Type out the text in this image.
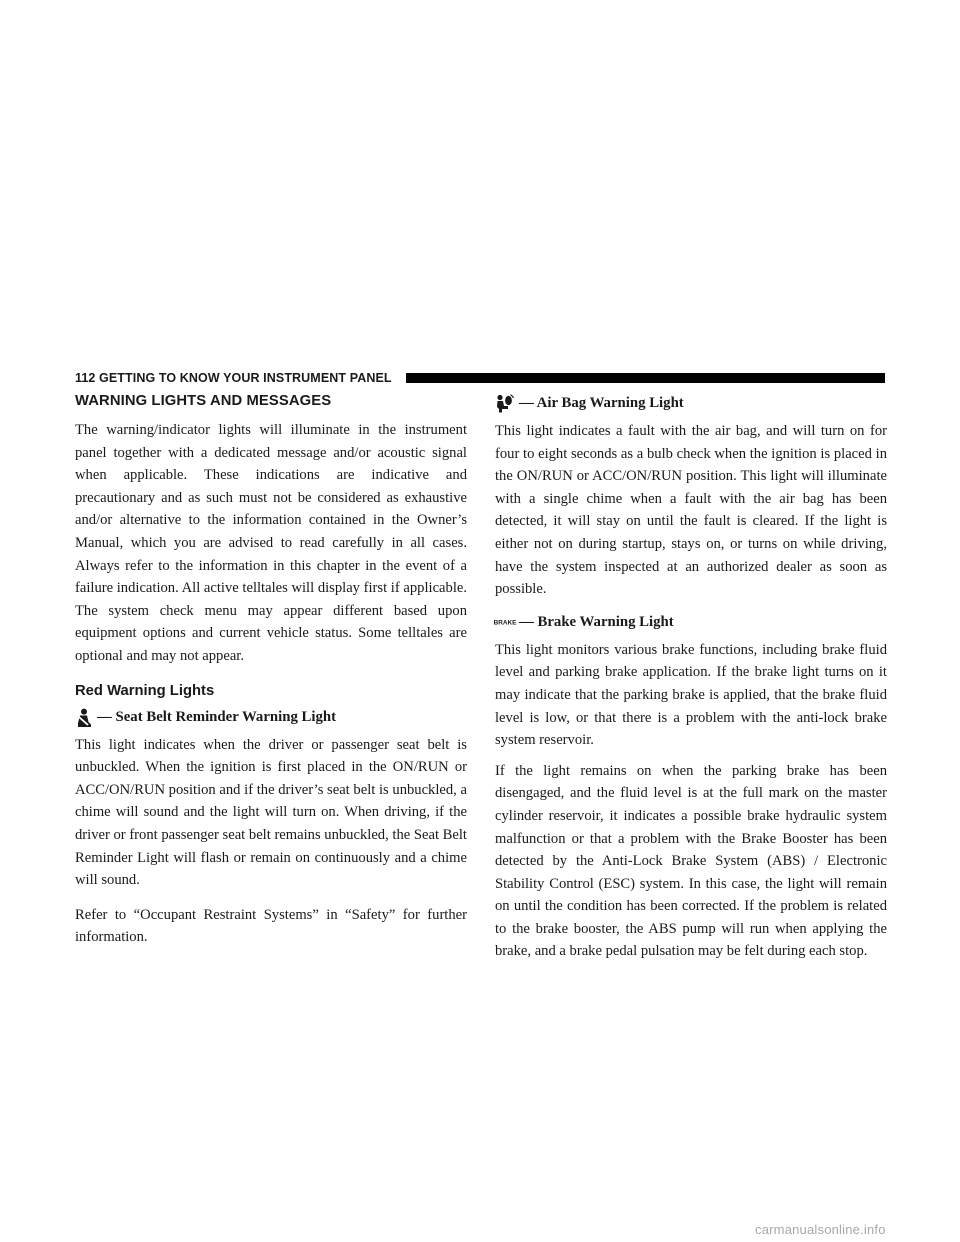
112 GETTING TO KNOW YOUR INSTRUMENT PANEL
WARNING LIGHTS AND MESSAGES

The warning/indicator lights will illuminate in the instrument panel together with a dedicated message and/or acoustic signal when applicable. These indications are indicative and precautionary and as such must not be considered as exhaustive and/or alternative to the information contained in the Owner’s Manual, which you are advised to read carefully in all cases. Always refer to the information in this chapter in the event of a failure indication. All active telltales will display first if applicable. The system check menu may appear different based upon equipment options and current vehicle status. Some telltales are optional and may not appear.

Red Warning Lights
— Seat Belt Reminder Warning Light

This light indicates when the driver or passenger seat belt is unbuckled. When the ignition is first placed in the ON/RUN or ACC/ON/RUN position and if the driver’s seat belt is unbuckled, a chime will sound and the light will turn on. When driving, if the driver or front passenger seat belt remains unbuckled, the Seat Belt Reminder Light will flash or remain on continuously and a chime will sound.

Refer to “Occupant Restraint Systems” in “Safety” for further information.

— Air Bag Warning Light

This light indicates a fault with the air bag, and will turn on for four to eight seconds as a bulb check when the ignition is placed in the ON/RUN or ACC/ON/RUN position. This light will illuminate with a single chime when a fault with the air bag has been detected, it will stay on until the fault is cleared. If the light is either not on during startup, stays on, or turns on while driving, have the system inspected at an authorized dealer as soon as possible.

BRAKE — Brake Warning Light

This light monitors various brake functions, including brake fluid level and parking brake application. If the brake light turns on it may indicate that the parking brake is applied, that the brake fluid level is low, or that there is a problem with the anti-lock brake system reservoir.

If the light remains on when the parking brake has been disengaged, and the fluid level is at the full mark on the master cylinder reservoir, it indicates a possible brake hydraulic system malfunction or that a problem with the Brake Booster has been detected by the Anti-Lock Brake System (ABS) / Electronic Stability Control (ESC) system. In this case, the light will remain on until the condition has been corrected. If the problem is related to the brake booster, the ABS pump will run when applying the brake, and a brake pedal pulsation may be felt during each stop.

carmanualsonline.info
